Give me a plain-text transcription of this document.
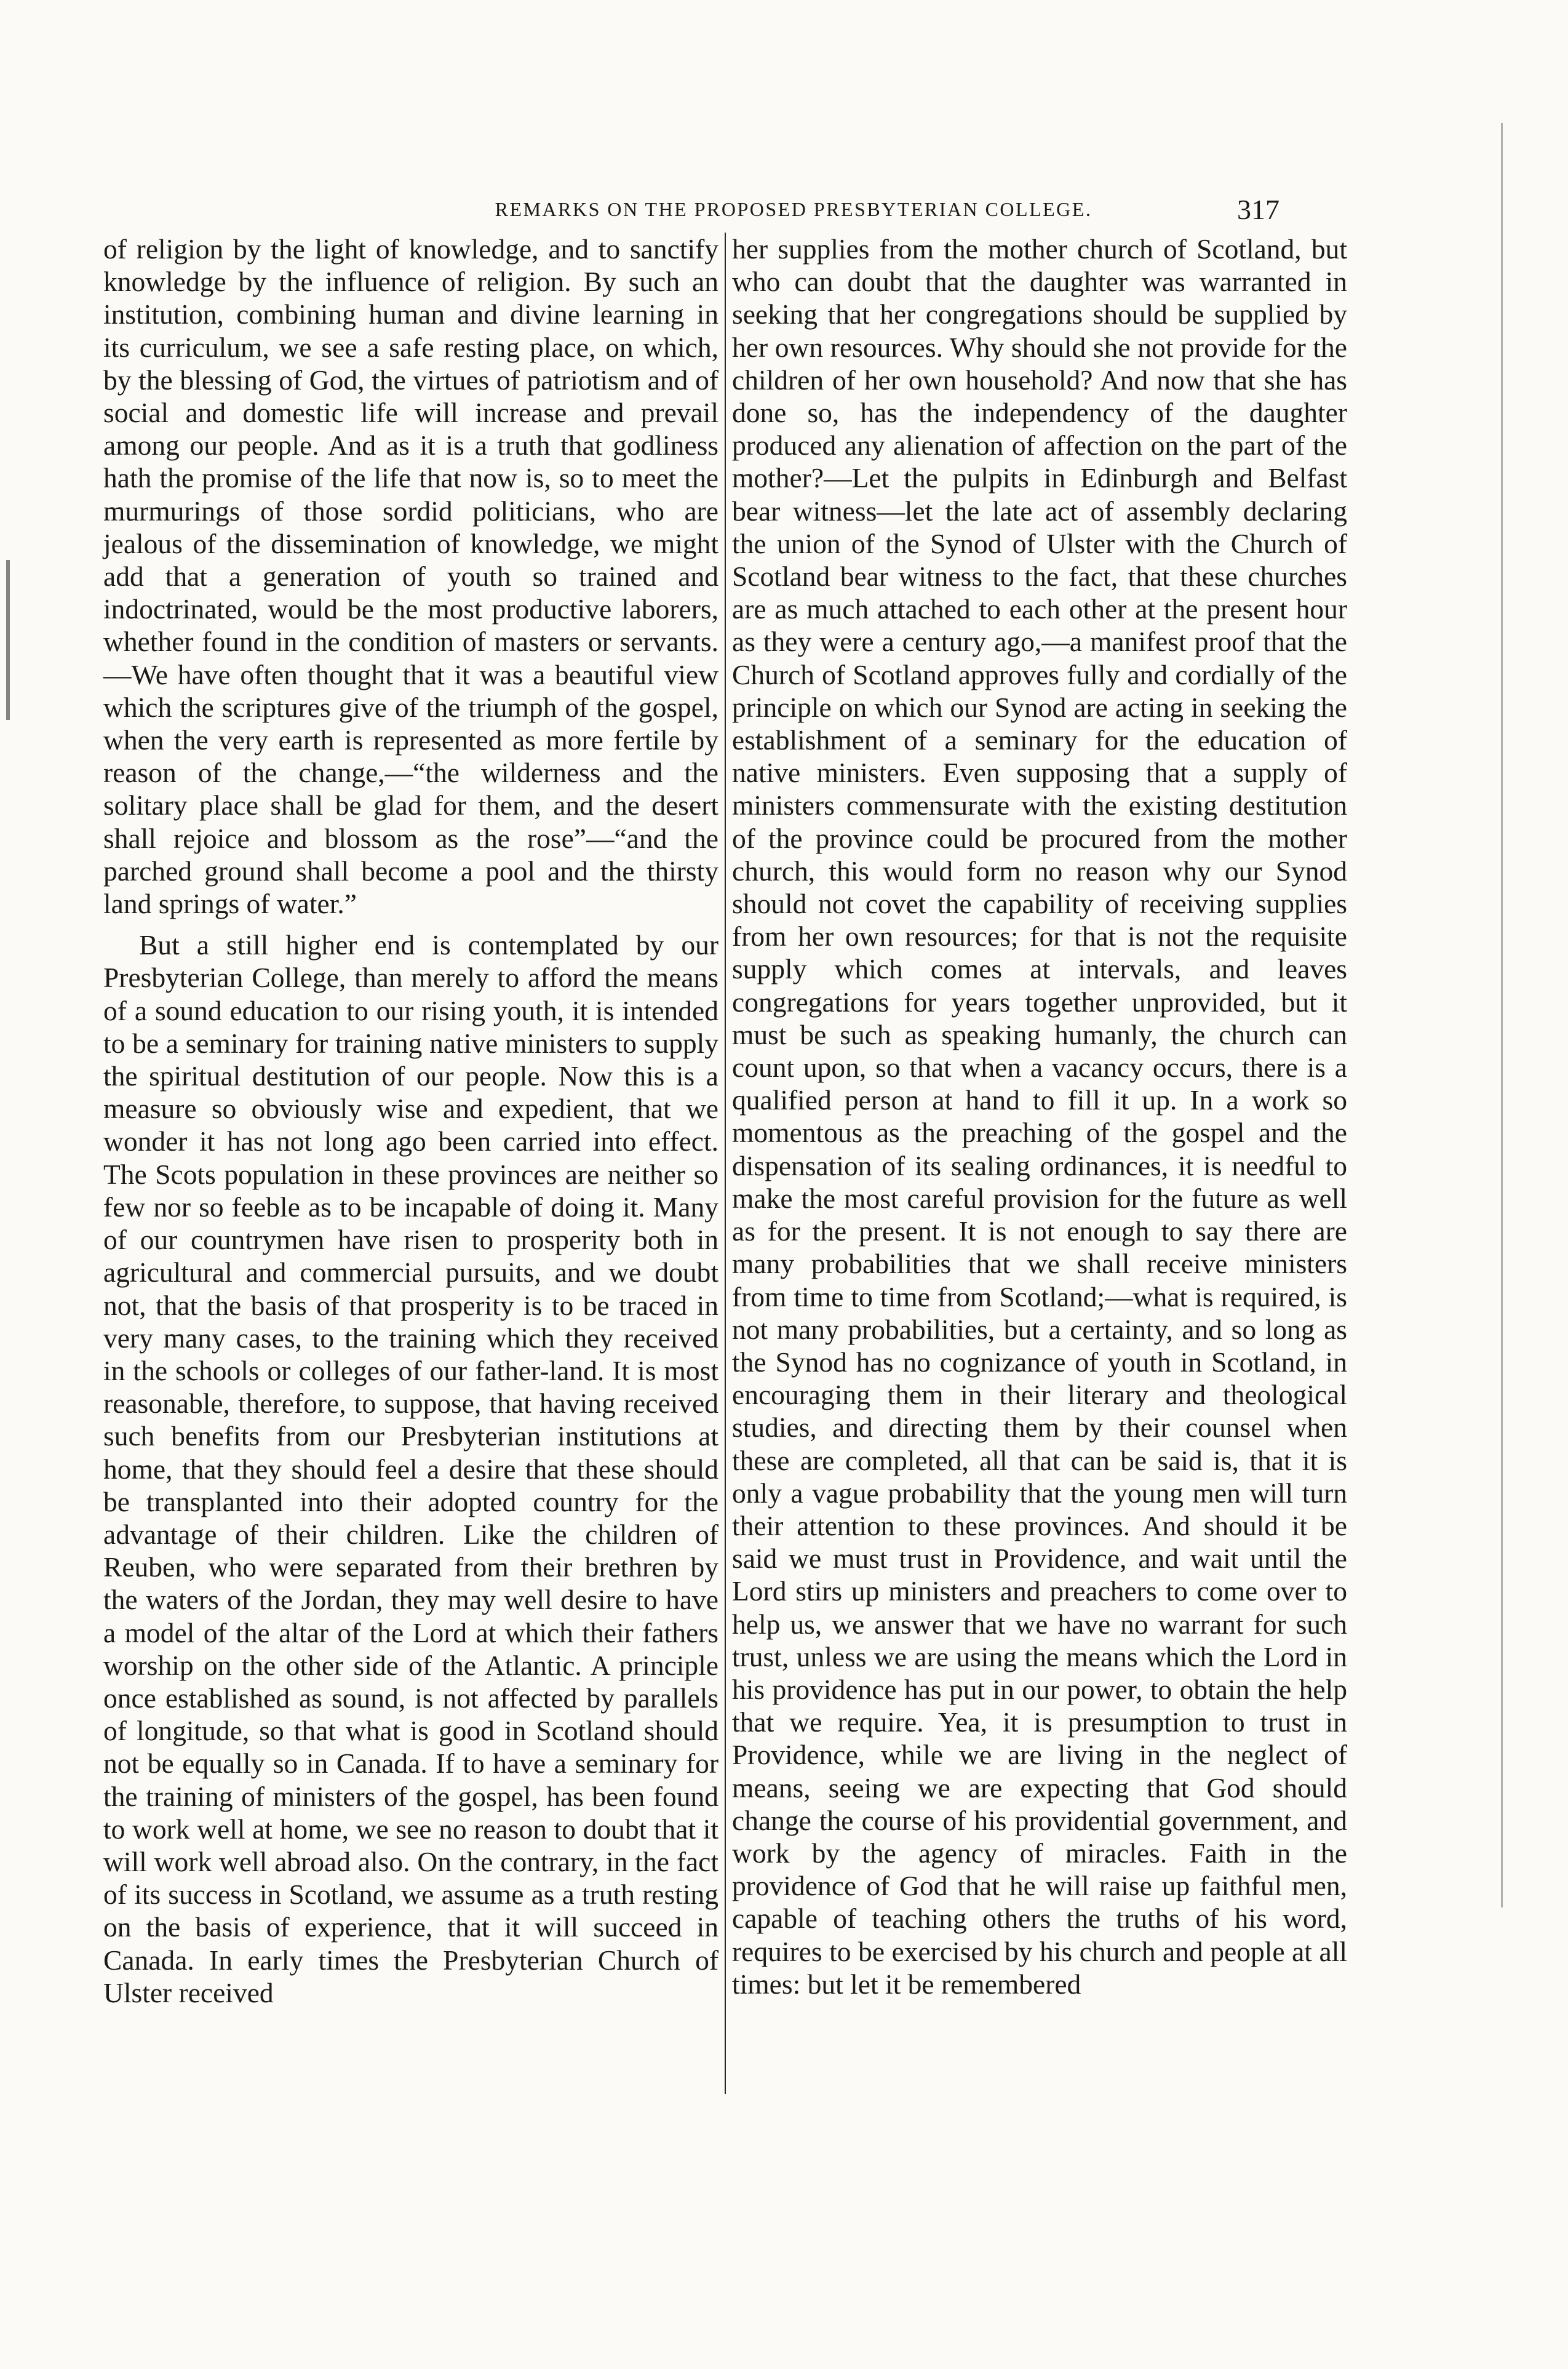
REMARKS ON THE PROPOSED PRESBYTERIAN COLLEGE.	317

of religion by the light of knowledge, and to sanctify knowledge by the influence of religion. By such an institution, combining human and divine learning in its curriculum, we see a safe resting place, on which, by the blessing of God, the virtues of patriotism and of social and domestic life will increase and prevail among our people. And as it is a truth that godliness hath the promise of the life that now is, so to meet the murmurings of those sordid politicians, who are jealous of the dissemination of knowledge, we might add that a generation of youth so trained and indoctrinated, would be the most productive laborers, whether found in the condition of masters or servants.—We have often thought that it was a beautiful view which the scriptures give of the triumph of the gospel, when the very earth is represented as more fertile by reason of the change,—“the wilderness and the solitary place shall be glad for them, and the desert shall rejoice and blossom as the rose”—“and the parched ground shall become a pool and the thirsty land springs of water.”

But a still higher end is contemplated by our Presbyterian College, than merely to afford the means of a sound education to our rising youth, it is intended to be a seminary for training native ministers to supply the spiritual destitution of our people. Now this is a measure so obviously wise and expedient, that we wonder it has not long ago been carried into effect. The Scots population in these provinces are neither so few nor so feeble as to be incapable of doing it. Many of our countrymen have risen to prosperity both in agricultural and commercial pursuits, and we doubt not, that the basis of that prosperity is to be traced in very many cases, to the training which they received in the schools or colleges of our father-land. It is most reasonable, therefore, to suppose, that having received such benefits from our Presbyterian institutions at home, that they should feel a desire that these should be transplanted into their adopted country for the advantage of their children. Like the children of Reuben, who were separated from their brethren by the waters of the Jordan, they may well desire to have a model of the altar of the Lord at which their fathers worship on the other side of the Atlantic. A principle once established as sound, is not affected by parallels of longitude, so that what is good in Scotland should not be equally so in Canada. If to have a seminary for the training of ministers of the gospel, has been found to work well at home, we see no reason to doubt that it will work well abroad also. On the contrary, in the fact of its success in Scotland, we assume as a truth resting on the basis of experience, that it will succeed in Canada. In early times the Presbyterian Church of Ulster received

her supplies from the mother church of Scotland, but who can doubt that the daughter was warranted in seeking that her congregations should be supplied by her own resources. Why should she not provide for the children of her own household? And now that she has done so, has the independency of the daughter produced any alienation of affection on the part of the mother?—Let the pulpits in Edinburgh and Belfast bear witness—let the late act of assembly declaring the union of the Synod of Ulster with the Church of Scotland bear witness to the fact, that these churches are as much attached to each other at the present hour as they were a century ago,—a manifest proof that the Church of Scotland approves fully and cordially of the principle on which our Synod are acting in seeking the establishment of a seminary for the education of native ministers. Even supposing that a supply of ministers commensurate with the existing destitution of the province could be procured from the mother church, this would form no reason why our Synod should not covet the capability of receiving supplies from her own resources; for that is not the requisite supply which comes at intervals, and leaves congregations for years together unprovided, but it must be such as speaking humanly, the church can count upon, so that when a vacancy occurs, there is a qualified person at hand to fill it up. In a work so momentous as the preaching of the gospel and the dispensation of its sealing ordinances, it is needful to make the most careful provision for the future as well as for the present. It is not enough to say there are many probabilities that we shall receive ministers from time to time from Scotland;—what is required, is not many probabilities, but a certainty, and so long as the Synod has no cognizance of youth in Scotland, in encouraging them in their literary and theological studies, and directing them by their counsel when these are completed, all that can be said is, that it is only a vague probability that the young men will turn their attention to these provinces. And should it be said we must trust in Providence, and wait until the Lord stirs up ministers and preachers to come over to help us, we answer that we have no warrant for such trust, unless we are using the means which the Lord in his providence has put in our power, to obtain the help that we require. Yea, it is presumption to trust in Providence, while we are living in the neglect of means, seeing we are expecting that God should change the course of his providential government, and work by the agency of miracles. Faith in the providence of God that he will raise up faithful men, capable of teaching others the truths of his word, requires to be exercised by his church and people at all times: but let it be remembered
